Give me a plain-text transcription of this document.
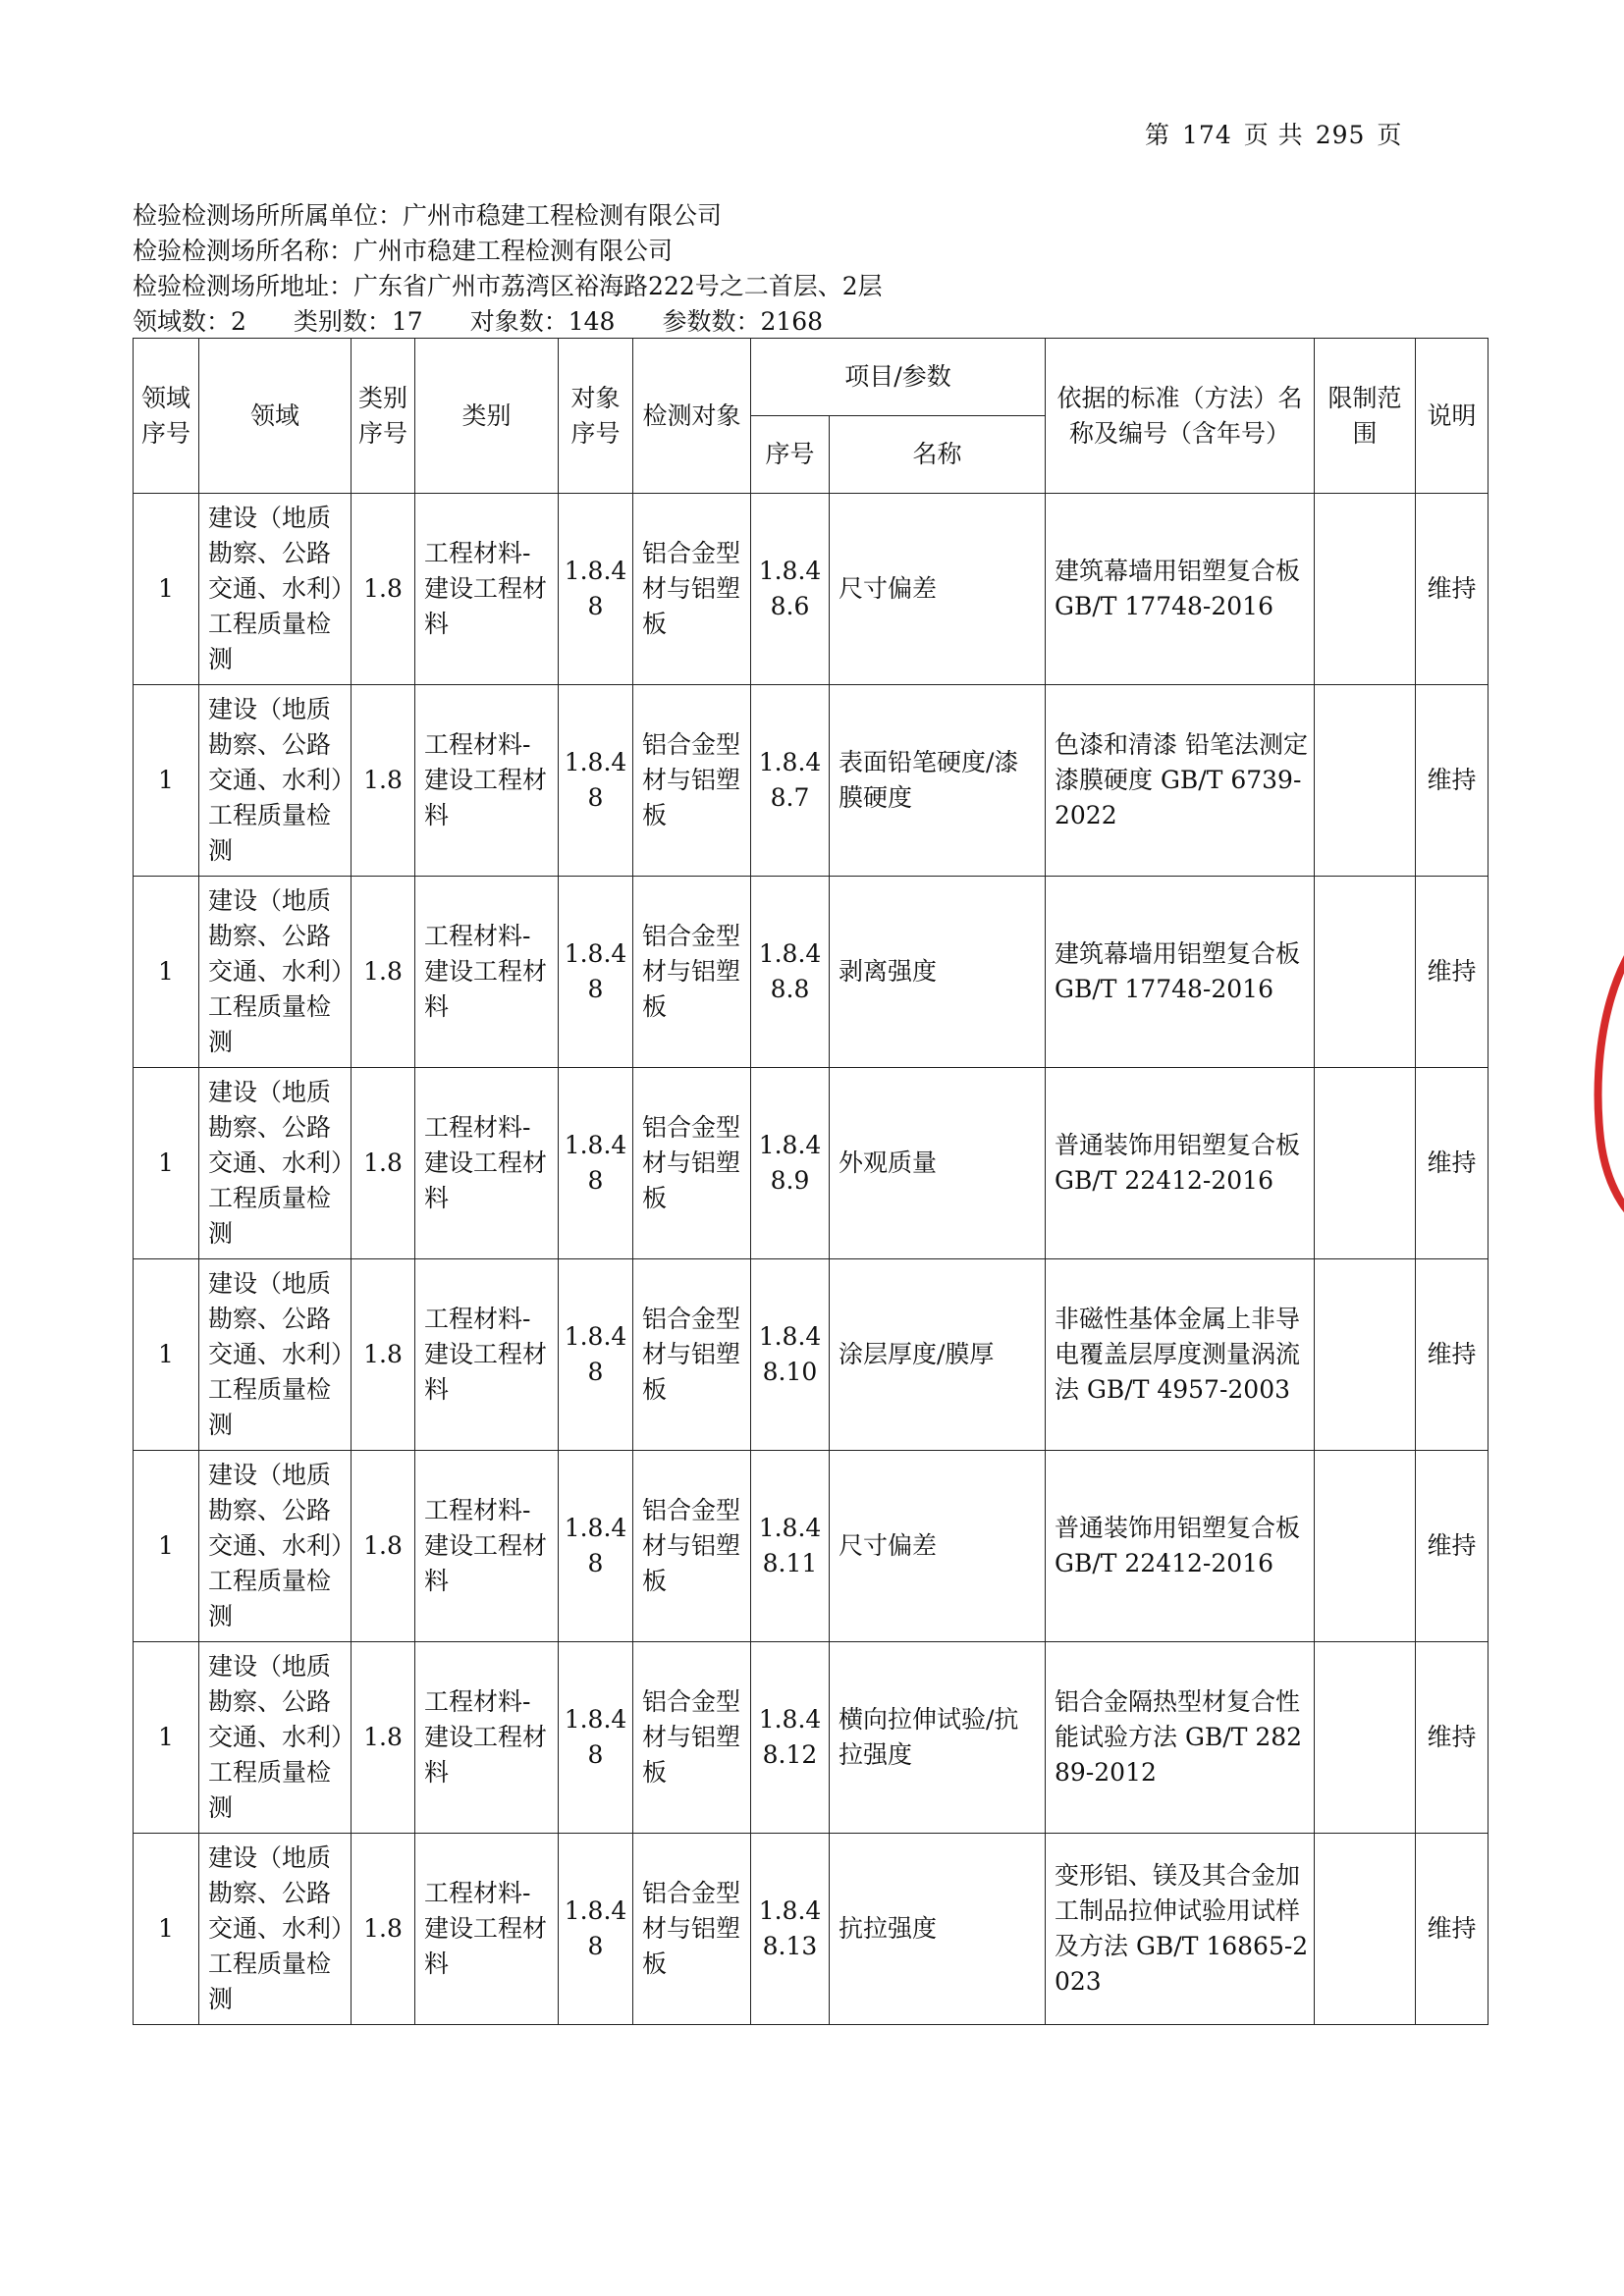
第 174 页 共 295 页
检验检测场所所属单位：广州市稳建工程检测有限公司
检验检测场所名称：广州市稳建工程检测有限公司
检验检测场所地址：广东省广州市荔湾区裕海路222号之二首层、2层
领域数：2 类别数：17 对象数：148 参数数：2168
领域序号	领域	类别序号	类别	对象序号	检测对象	项目/参数		依据的标准（方法）名称及编号（含年号）	限制范围	说明
						序号	名称			
1	建设（地质勘察、公路交通、水利）工程质量检测	1.8	工程材料-建设工程材料	1.8.48	铝合金型材与铝塑板	1.8.48.6	尺寸偏差	建筑幕墙用铝塑复合板 GB/T 17748-2016		维持
1	建设（地质勘察、公路交通、水利）工程质量检测	1.8	工程材料-建设工程材料	1.8.48	铝合金型材与铝塑板	1.8.48.7	表面铅笔硬度/漆膜硬度	色漆和清漆 铅笔法测定漆膜硬度 GB/T 6739-2022		维持
1	建设（地质勘察、公路交通、水利）工程质量检测	1.8	工程材料-建设工程材料	1.8.48	铝合金型材与铝塑板	1.8.48.8	剥离强度	建筑幕墙用铝塑复合板GB/T 17748-2016		维持
1	建设（地质勘察、公路交通、水利）工程质量检测	1.8	工程材料-建设工程材料	1.8.48	铝合金型材与铝塑板	1.8.48.9	外观质量	普通装饰用铝塑复合板 GB/T 22412-2016		维持
1	建设（地质勘察、公路交通、水利）工程质量检测	1.8	工程材料-建设工程材料	1.8.48	铝合金型材与铝塑板	1.8.48.10	涂层厚度/膜厚	非磁性基体金属上非导电覆盖层厚度测量涡流法 GB/T 4957-2003		维持
1	建设（地质勘察、公路交通、水利）工程质量检测	1.8	工程材料-建设工程材料	1.8.48	铝合金型材与铝塑板	1.8.48.11	尺寸偏差	普通装饰用铝塑复合板 GB/T 22412-2016		维持
1	建设（地质勘察、公路交通、水利）工程质量检测	1.8	工程材料-建设工程材料	1.8.48	铝合金型材与铝塑板	1.8.48.12	横向拉伸试验/抗拉强度	铝合金隔热型材复合性能试验方法 GB/T 28289-2012		维持
1	建设（地质勘察、公路交通、水利）工程质量检测	1.8	工程材料-建设工程材料	1.8.48	铝合金型材与铝塑板	1.8.48.13	抗拉强度	变形铝、镁及其合金加工制品拉伸试验用试样及方法 GB/T 16865-2023		维持
